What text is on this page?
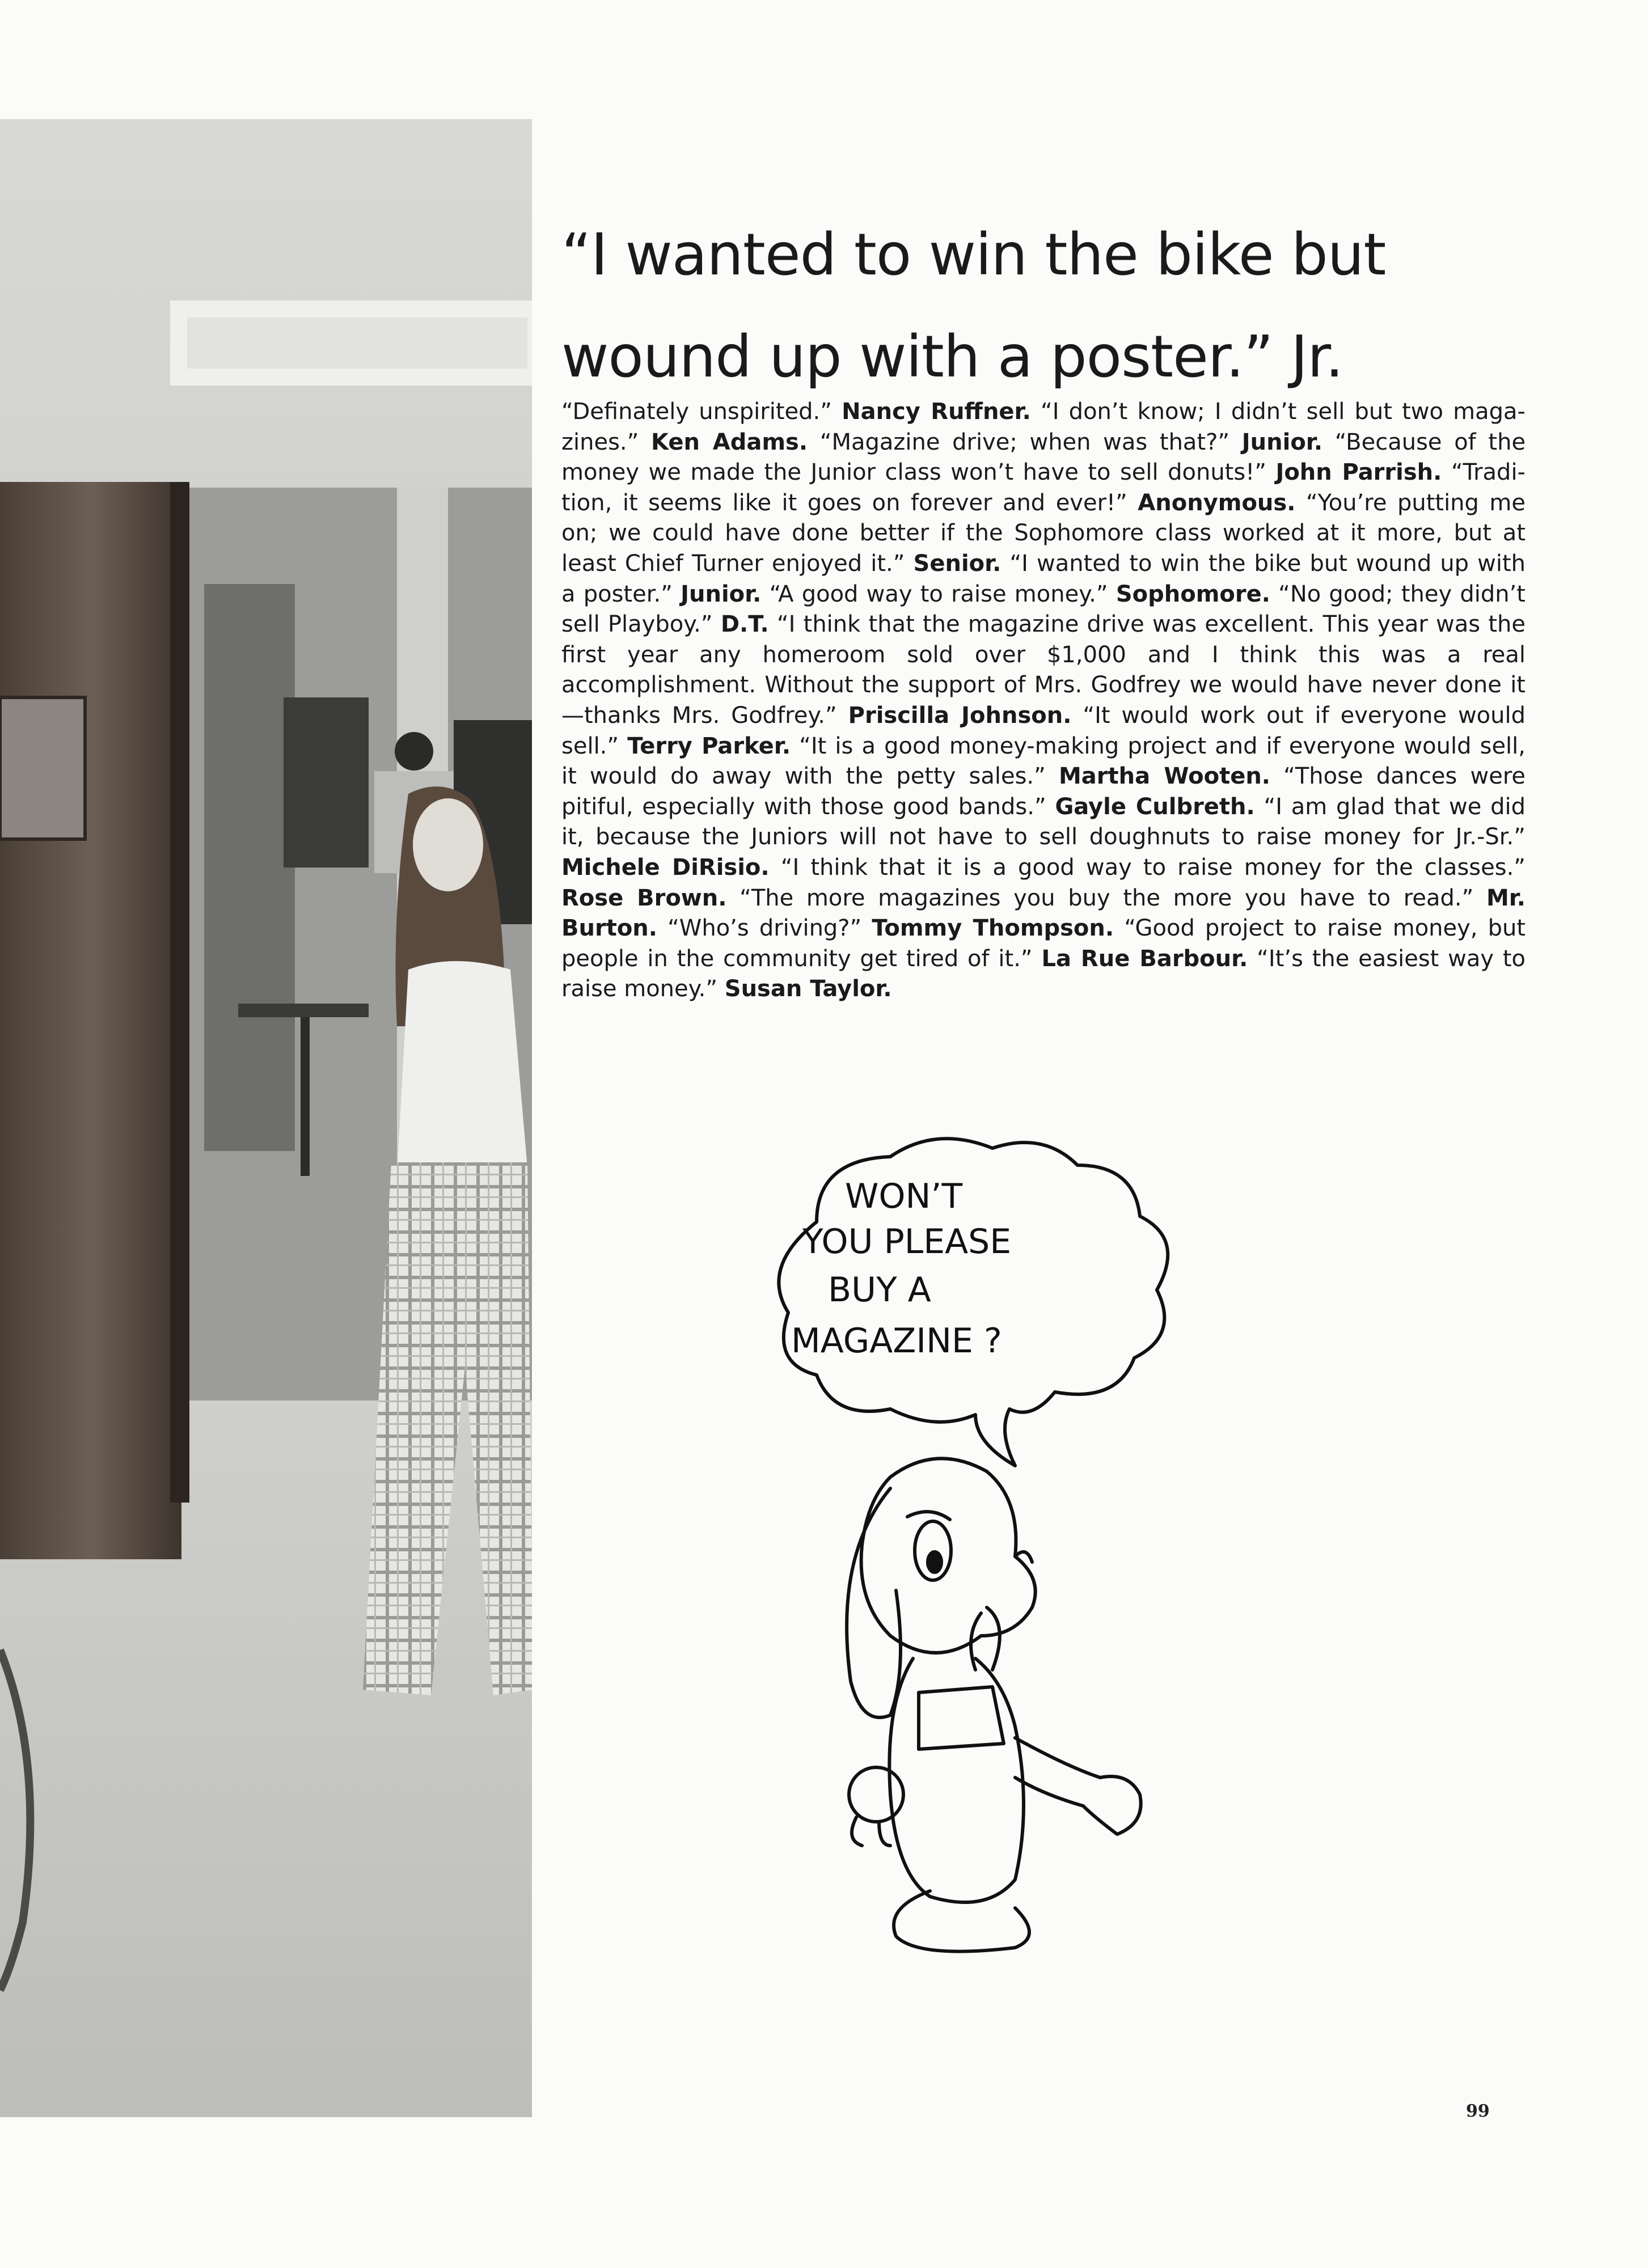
“I wanted to win the bike but
wound up with a poster.” Jr.

“Definately unspirited.” Nancy Ruffner. “I don’t know; I didn’t sell but two maga- zines.” Ken Adams. “Magazine drive; when was that?” Junior. “Because of the money we made the Junior class won’t have to sell donuts!” John Parrish. “Tradi- tion, it seems like it goes on forever and ever!” Anonymous. “You’re putting me on; we could have done better if the Sophomore class worked at it more, but at least Chief Turner enjoyed it.” Senior. “I wanted to win the bike but wound up with a poster.” Junior. “A good way to raise money.” Sophomore. “No good; they didn’t sell Playboy.” D.T. “I think that the magazine drive was excellent. This year was the first year any homeroom sold over $1,000 and I think this was a real accomplishment. Without the support of Mrs. Godfrey we would have never done it—thanks Mrs. Godfrey.” Priscilla Johnson. “It would work out if everyone would sell.” Terry Parker. “It is a good money-making project and if everyone would sell, it would do away with the petty sales.” Martha Wooten. “Those dances were pitiful, especially with those good bands.” Gayle Culbreth. “I am glad that we did it, because the Juniors will not have to sell doughnuts to raise money for Jr.-Sr.” Michele DiRisio. “I think that it is a good way to raise money for the classes.” Rose Brown. “The more magazines you buy the more you have to read.” Mr. Burton. “Who’s driving?” Tommy Thompson. “Good project to raise money, but people in the community get tired of it.” La Rue Barbour. “It’s the easiest way to raise money.” Susan Taylor.

WON’T
YOU PLEASE
BUY A
MAGAZINE ?
99
